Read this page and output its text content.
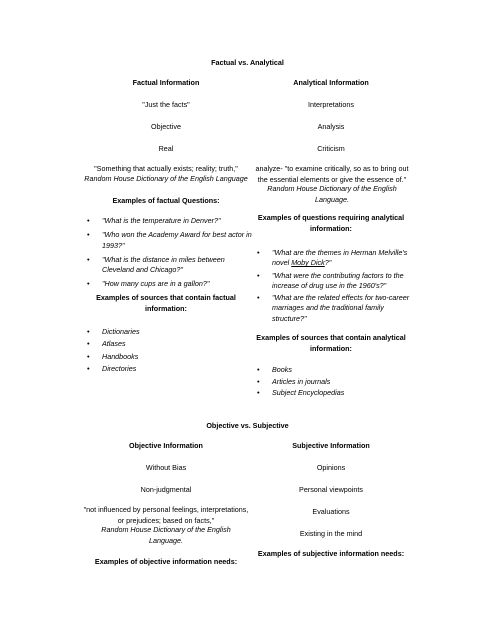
Factual vs. Analytical
Factual Information
"Just the facts"
Objective
Real
"Something that actually exists; reality; truth,"
Random House Dictionary of the English Language
Examples of factual Questions:
• "What is the temperature in Denver?"
• "Who won the Academy Award for best actor in 1993?"
• "What is the distance in miles between Cleveland and Chicago?"
• "How many cups are in a gallon?"
Examples of sources that contain factual information:
• Dictionaries
• Atlases
• Handbooks
• Directories
Analytical Information
Interpretations
Analysis
Criticism
analyze- "to examine critically, so as to bring out the essential elements or give the essence of."
Random House Dictionary of the English Language.
Examples of questions requiring analytical information:
• "What are the themes in Herman Melville's novel Moby Dick?"
• "What were the contributing factors to the increase of drug use in the 1960's?"
• "What are the related effects for two-career marriages and the traditional family structure?"
Examples of sources that contain analytical information:
• Books
• Articles in journals
• Subject Encyclopedias
Objective vs. Subjective
Objective Information
Without Bias
Non-judgmental
"not influenced by personal feelings, interpretations, or prejudices; based on facts,"
Random House Dictionary of the English Language.
Examples of objective information needs:
Subjective Information
Opinions
Personal viewpoints
Evaluations
Existing in the mind
Examples of subjective information needs:
